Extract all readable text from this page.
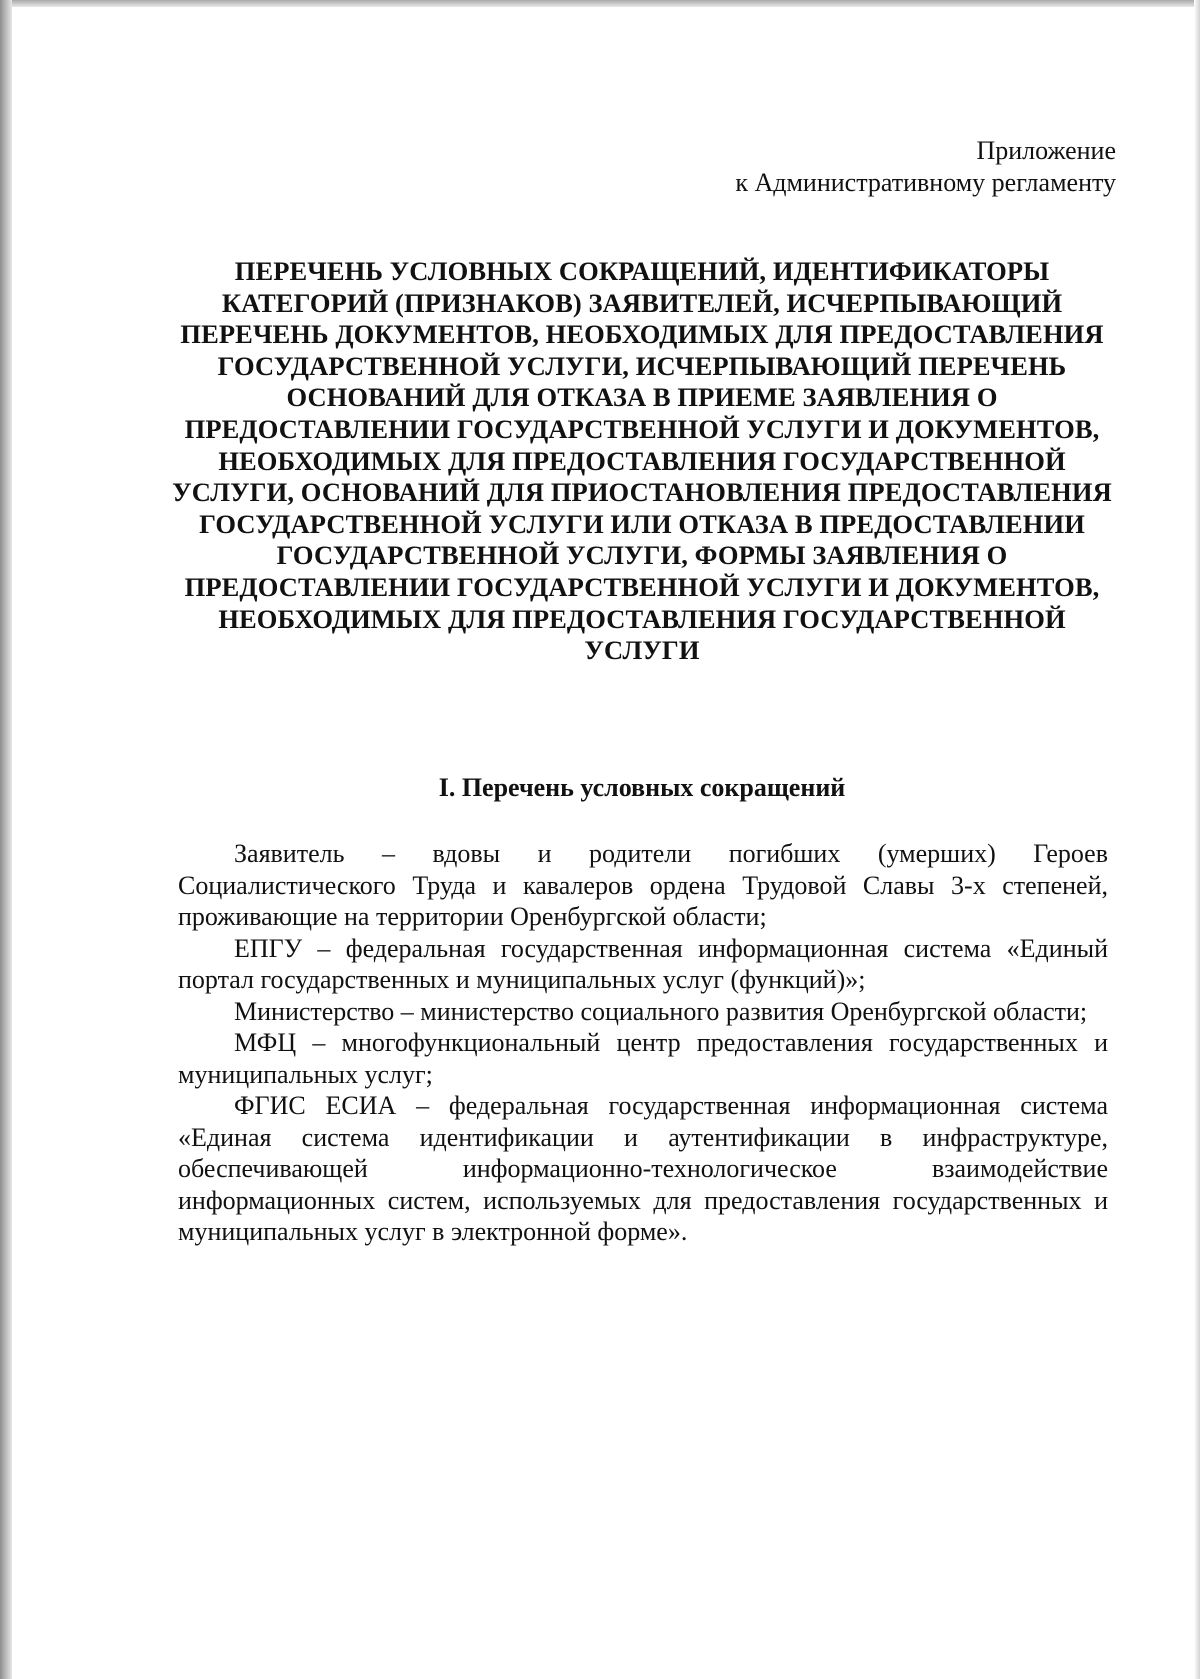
Приложение
к Административному регламенту
ПЕРЕЧЕНЬ УСЛОВНЫХ СОКРАЩЕНИЙ, ИДЕНТИФИКАТОРЫ КАТЕГОРИЙ (ПРИЗНАКОВ) ЗАЯВИТЕЛЕЙ, ИСЧЕРПЫВАЮЩИЙ ПЕРЕЧЕНЬ ДОКУМЕНТОВ, НЕОБХОДИМЫХ ДЛЯ ПРЕДОСТАВЛЕНИЯ ГОСУДАРСТВЕННОЙ УСЛУГИ, ИСЧЕРПЫВАЮЩИЙ ПЕРЕЧЕНЬ ОСНОВАНИЙ ДЛЯ ОТКАЗА В ПРИЕМЕ ЗАЯВЛЕНИЯ О ПРЕДОСТАВЛЕНИИ ГОСУДАРСТВЕННОЙ УСЛУГИ И ДОКУМЕНТОВ, НЕОБХОДИМЫХ ДЛЯ ПРЕДОСТАВЛЕНИЯ ГОСУДАРСТВЕННОЙ УСЛУГИ, ОСНОВАНИЙ ДЛЯ ПРИОСТАНОВЛЕНИЯ ПРЕДОСТАВЛЕНИЯ ГОСУДАРСТВЕННОЙ УСЛУГИ ИЛИ ОТКАЗА В ПРЕДОСТАВЛЕНИИ ГОСУДАРСТВЕННОЙ УСЛУГИ, ФОРМЫ ЗАЯВЛЕНИЯ О ПРЕДОСТАВЛЕНИИ ГОСУДАРСТВЕННОЙ УСЛУГИ И ДОКУМЕНТОВ, НЕОБХОДИМЫХ ДЛЯ ПРЕДОСТАВЛЕНИЯ ГОСУДАРСТВЕННОЙ УСЛУГИ
I. Перечень условных сокращений

Заявитель – вдовы и родители погибших (умерших) Героев Социалистического Труда и кавалеров ордена Трудовой Славы 3-х степеней, проживающие на территории Оренбургской области;

ЕПГУ – федеральная государственная информационная система «Единый портал государственных и муниципальных услуг (функций)»;

Министерство – министерство социального развития Оренбургской области;

МФЦ – многофункциональный центр предоставления государственных и муниципальных услуг;

ФГИС ЕСИА – федеральная государственная информационная система «Единая система идентификации и аутентификации в инфраструктуре, обеспечивающей информационно-технологическое взаимодействие информационных систем, используемых для предоставления государственных и муниципальных услуг в электронной форме».
